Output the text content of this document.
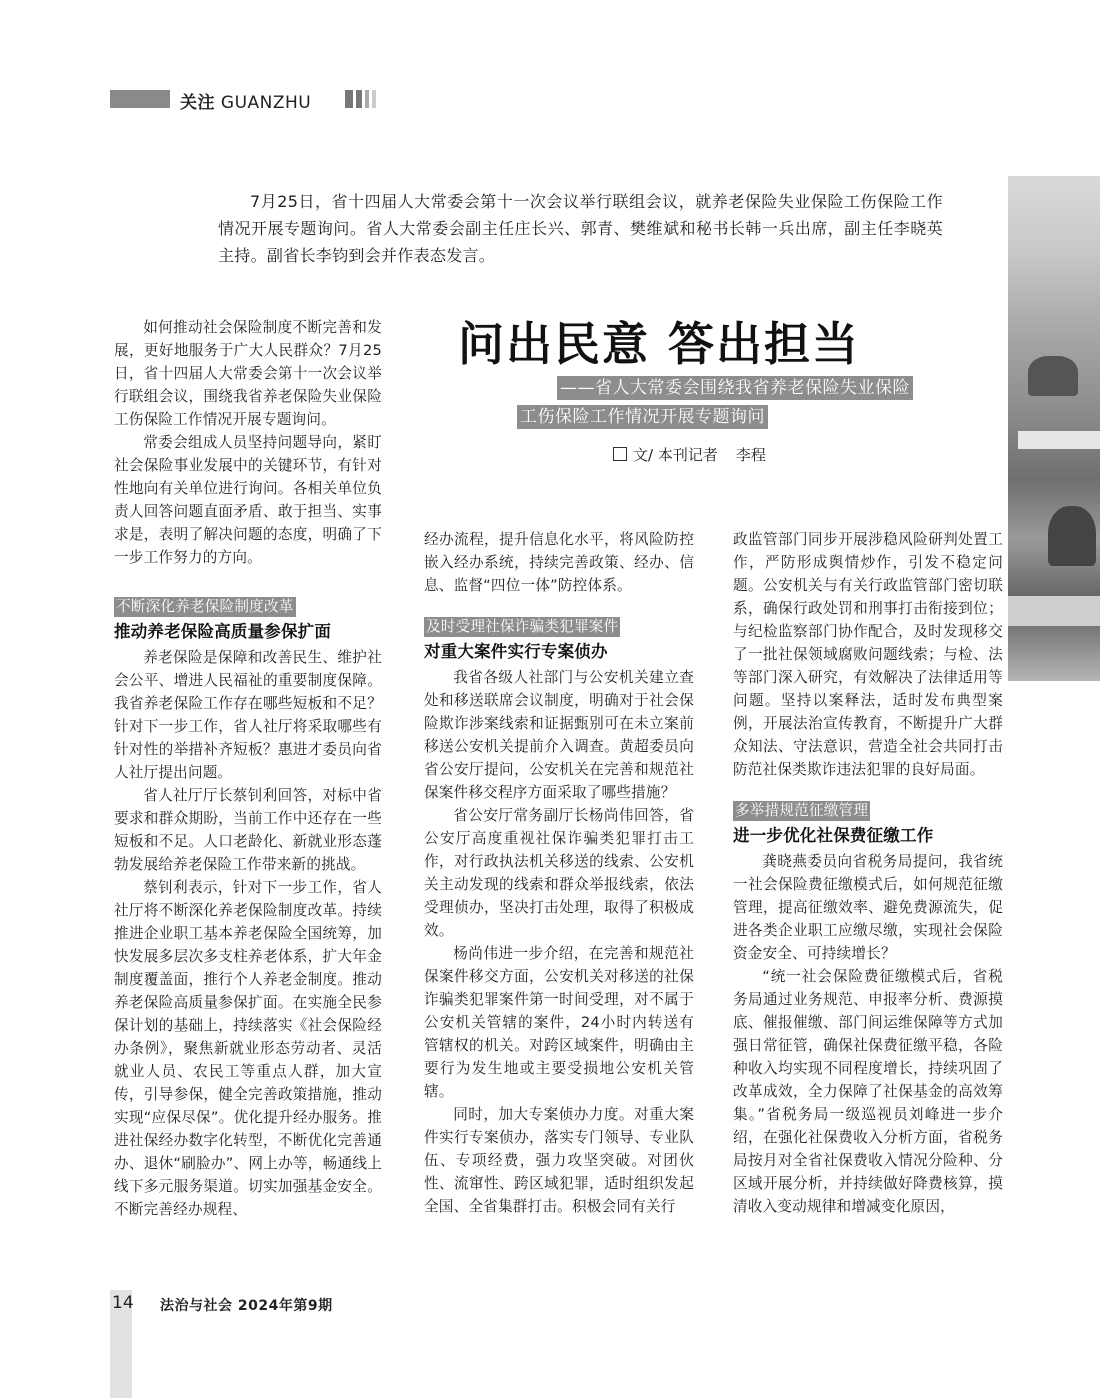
关注 GUANZHU
7月25日，省十四届人大常委会第十一次会议举行联组会议，就养老保险失业保险工伤保险工作情况开展专题询问。省人大常委会副主任庄长兴、郭青、樊维斌和秘书长韩一兵出席，副主任李晓英主持。副省长李钧到会并作表态发言。
问出民意 答出担当
——省人大常委会围绕我省养老保险失业保险
工伤保险工作情况开展专题询问
文/ 本刊记者 李程

如何推动社会保险制度不断完善和发展，更好地服务于广大人民群众？7月25日，省十四届人大常委会第十一次会议举行联组会议，围绕我省养老保险失业保险工伤保险工作情况开展专题询问。

常委会组成人员坚持问题导向，紧盯社会保险事业发展中的关键环节，有针对性地向有关单位进行询问。各相关单位负责人回答问题直面矛盾、敢于担当、实事求是，表明了解决问题的态度，明确了下一步工作努力的方向。

不断深化养老保险制度改革
推动养老保险高质量参保扩面

养老保险是保障和改善民生、维护社会公平、增进人民福祉的重要制度保障。我省养老保险工作存在哪些短板和不足？针对下一步工作，省人社厅将采取哪些有针对性的举措补齐短板？惠进才委员向省人社厅提出问题。

省人社厅厅长蔡钊利回答，对标中省要求和群众期盼，当前工作中还存在一些短板和不足。人口老龄化、新就业形态蓬勃发展给养老保险工作带来新的挑战。

蔡钊利表示，针对下一步工作，省人社厅将不断深化养老保险制度改革。持续推进企业职工基本养老保险全国统筹，加快发展多层次多支柱养老体系，扩大年金制度覆盖面，推行个人养老金制度。推动养老保险高质量参保扩面。在实施全民参保计划的基础上，持续落实《社会保险经办条例》，聚焦新就业形态劳动者、灵活就业人员、农民工等重点人群，加大宣传，引导参保，健全完善政策措施，推动实现“应保尽保”。优化提升经办服务。推进社保经办数字化转型，不断优化完善通办、退休“刷脸办”、网上办等，畅通线上线下多元服务渠道。切实加强基金安全。不断完善经办规程、

经办流程，提升信息化水平，将风险防控嵌入经办系统，持续完善政策、经办、信息、监督“四位一体”防控体系。

及时受理社保诈骗类犯罪案件
对重大案件实行专案侦办

我省各级人社部门与公安机关建立查处和移送联席会议制度，明确对于社会保险欺诈涉案线索和证据甄别可在未立案前移送公安机关提前介入调查。黄超委员向省公安厅提问，公安机关在完善和规范社保案件移交程序方面采取了哪些措施？

省公安厅常务副厅长杨尚伟回答，省公安厅高度重视社保诈骗类犯罪打击工作，对行政执法机关移送的线索、公安机关主动发现的线索和群众举报线索，依法受理侦办，坚决打击处理，取得了积极成效。

杨尚伟进一步介绍，在完善和规范社保案件移交方面，公安机关对移送的社保诈骗类犯罪案件第一时间受理，对不属于公安机关管辖的案件，24小时内转送有管辖权的机关。对跨区域案件，明确由主要行为发生地或主要受损地公安机关管辖。

同时，加大专案侦办力度。对重大案件实行专案侦办，落实专门领导、专业队伍、专项经费，强力攻坚突破。对团伙性、流窜性、跨区域犯罪，适时组织发起全国、全省集群打击。积极会同有关行

政监管部门同步开展涉稳风险研判处置工作，严防形成舆情炒作，引发不稳定问题。公安机关与有关行政监管部门密切联系，确保行政处罚和刑事打击衔接到位；与纪检监察部门协作配合，及时发现移交了一批社保领域腐败问题线索；与检、法等部门深入研究，有效解决了法律适用等问题。坚持以案释法，适时发布典型案例，开展法治宣传教育，不断提升广大群众知法、守法意识，营造全社会共同打击防范社保类欺诈违法犯罪的良好局面。

多举措规范征缴管理
进一步优化社保费征缴工作

龚晓燕委员向省税务局提问，我省统一社会保险费征缴模式后，如何规范征缴管理，提高征缴效率、避免费源流失，促进各类企业职工应缴尽缴，实现社会保险资金安全、可持续增长？

“统一社会保险费征缴模式后，省税务局通过业务规范、申报率分析、费源摸底、催报催缴、部门间运维保障等方式加强日常征管，确保社保费征缴平稳，各险种收入均实现不同程度增长，持续巩固了改革成效，全力保障了社保基金的高效筹集。”省税务局一级巡视员刘峰进一步介绍，在强化社保费收入分析方面，省税务局按月对全省社保费收入情况分险种、分区域开展分析，并持续做好降费核算，摸清收入变动规律和增减变化原因，

14 法治与社会 2024年第9期
